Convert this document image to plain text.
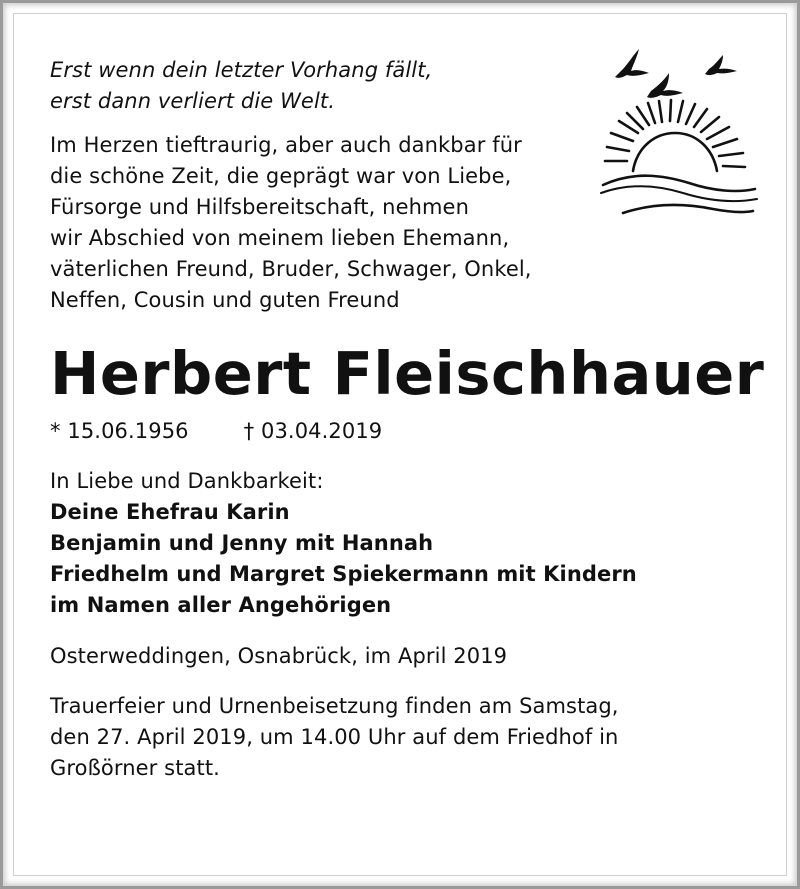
Erst wenn dein letzter Vorhang fällt,
erst dann verliert die Welt.
Im Herzen tieftraurig, aber auch dankbar für
die schöne Zeit, die geprägt war von Liebe,
Fürsorge und Hilfsbereitschaft, nehmen
wir Abschied von meinem lieben Ehemann,
väterlichen Freund, Bruder, Schwager, Onkel,
Neffen, Cousin und guten Freund
Herbert Fleischhauer
* 15.06.1956	† 03.04.2019
In Liebe und Dankbarkeit:
Deine Ehefrau Karin
Benjamin und Jenny mit Hannah
Friedhelm und Margret Spiekermann mit Kindern
im Namen aller Angehörigen
Osterweddingen, Osnabrück, im April 2019
Trauerfeier und Urnenbeisetzung finden am Samstag,
den 27. April 2019, um 14.00 Uhr auf dem Friedhof in
Großörner statt.
